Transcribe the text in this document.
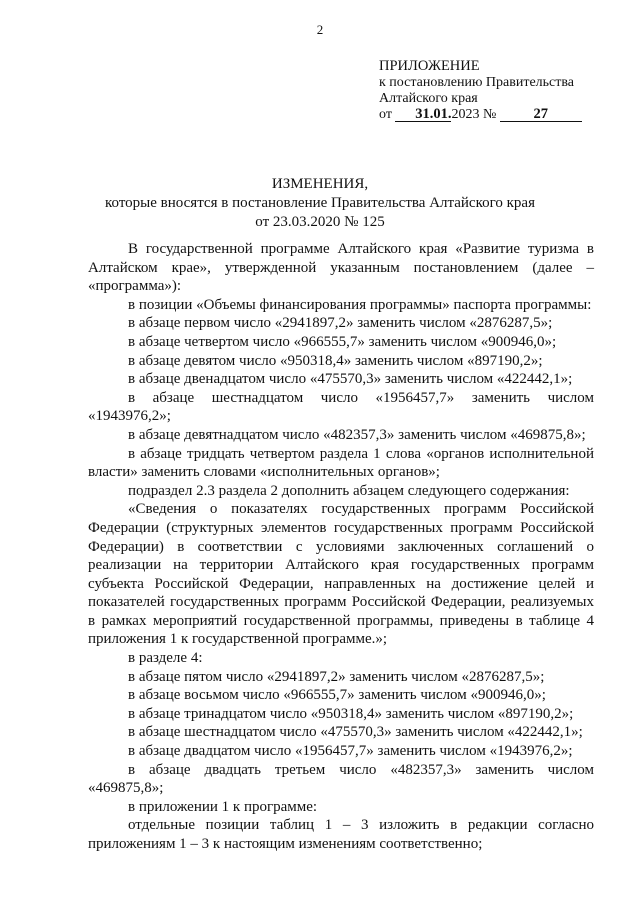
2
ПРИЛОЖЕНИЕ
к постановлению Правительства
Алтайского края
от 31.01.2023 №	27
ИЗМЕНЕНИЯ,
которые вносятся в постановление Правительства Алтайского края
от 23.03.2020 № 125

В государственной программе Алтайского края «Развитие туризма в Алтайском крае», утвержденной указанным постановлением (далее – «программа»):

в позиции «Объемы финансирования программы» паспорта программы:

в абзаце первом число «2941897,2» заменить числом «2876287,5»;

в абзаце четвертом число «966555,7» заменить числом «900946,0»;

в абзаце девятом число «950318,4» заменить числом «897190,2»;

в абзаце двенадцатом число «475570,3» заменить числом «422442,1»;

в абзаце шестнадцатом число «1956457,7» заменить числом «1943976,2»;

в абзаце девятнадцатом число «482357,3» заменить числом «469875,8»;

в абзаце тридцать четвертом раздела 1 слова «органов исполнительной власти» заменить словами «исполнительных органов»;

подраздел 2.3 раздела 2 дополнить абзацем следующего содержания:

«Сведения о показателях государственных программ Российской Федерации (структурных элементов государственных программ Российской Федерации) в соответствии с условиями заключенных соглашений о реализации на территории Алтайского края государственных программ субъекта Российской Федерации, направленных на достижение целей и показателей государственных программ Российской Федерации, реализуемых в рамках мероприятий государственной программы, приведены в таблице 4 приложения 1 к государственной программе.»;

в разделе 4:

в абзаце пятом число «2941897,2» заменить числом «2876287,5»;

в абзаце восьмом число «966555,7» заменить числом «900946,0»;

в абзаце тринадцатом число «950318,4» заменить числом «897190,2»;

в абзаце шестнадцатом число «475570,3» заменить числом «422442,1»;

в абзаце двадцатом число «1956457,7» заменить числом «1943976,2»;

в абзаце двадцать третьем число «482357,3» заменить числом «469875,8»;

в приложении 1 к программе:

отдельные позиции таблиц 1 – 3 изложить в редакции согласно приложениям 1 – 3 к настоящим изменениям соответственно;
